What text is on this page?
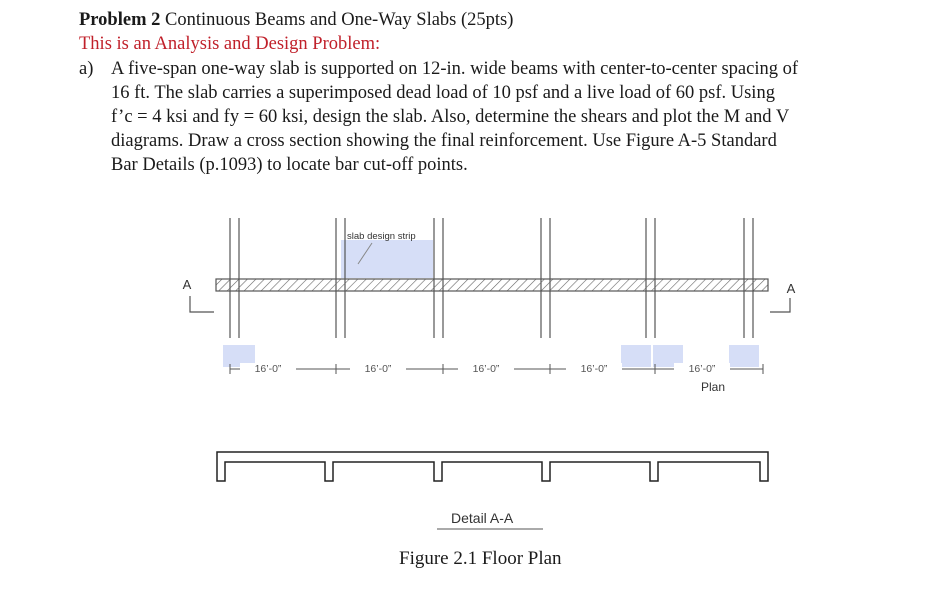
Problem 2 Continuous Beams and One-Way Slabs (25pts)
This is an Analysis and Design Problem:
a) A five-span one-way slab is supported on 12-in. wide beams with center-to-center spacing of
16 ft. The slab carries a superimposed dead load of 10 psf and a live load of 60 psf. Using
f’c = 4 ksi and fy = 60 ksi, design the slab. Also, determine the shears and plot the M and V
diagrams. Draw a cross section showing the final reinforcement. Use Figure A-5 Standard
Bar Details (p.1093) to locate bar cut-off points.
slab design strip
A	A
16’-0”	16’-0”	16’-0”	16’-0”	16’-0”
Plan
Detail A-A
Figure 2.1 Floor Plan
